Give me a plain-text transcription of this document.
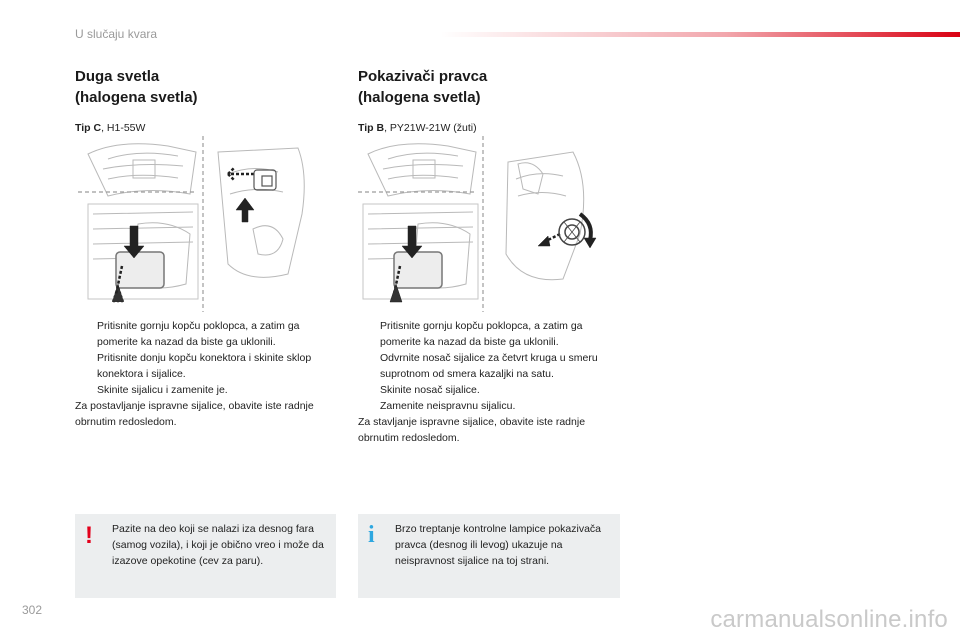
U slučaju kvara
Duga svetla
(halogena svetla)
Tip C, H1-55W
Pritisnite gornju kopču poklopca, a zatim ga pomerite ka nazad da biste ga uklonili.
Pritisnite donju kopču konektora i skinite sklop konektora i sijalice.
Skinite sijalicu i zamenite je.
Za postavljanje ispravne sijalice, obavite iste radnje obrnutim redosledom.
Pokazivači pravca
(halogena svetla)
Tip B, PY21W-21W (žuti)
Pritisnite gornju kopču poklopca, a zatim ga pomerite ka nazad da biste ga uklonili.
Odvrnite nosač sijalice za četvrt kruga u smeru suprotnom od smera kazaljki na satu.
Skinite nosač sijalice.
Zamenite neispravnu sijalicu.
Za stavljanje ispravne sijalice, obavite iste radnje obrnutim redosledom.
! Pazite na deo koji se nalazi iza desnog fara (samog vozila), i koji je obično vreo i može da izazove opekotine (cev za paru).
i Brzo treptanje kontrolne lampice pokazivača pravca (desnog ili levog) ukazuje na neispravnost sijalice na toj strani.
302	carmanualsonline.info
